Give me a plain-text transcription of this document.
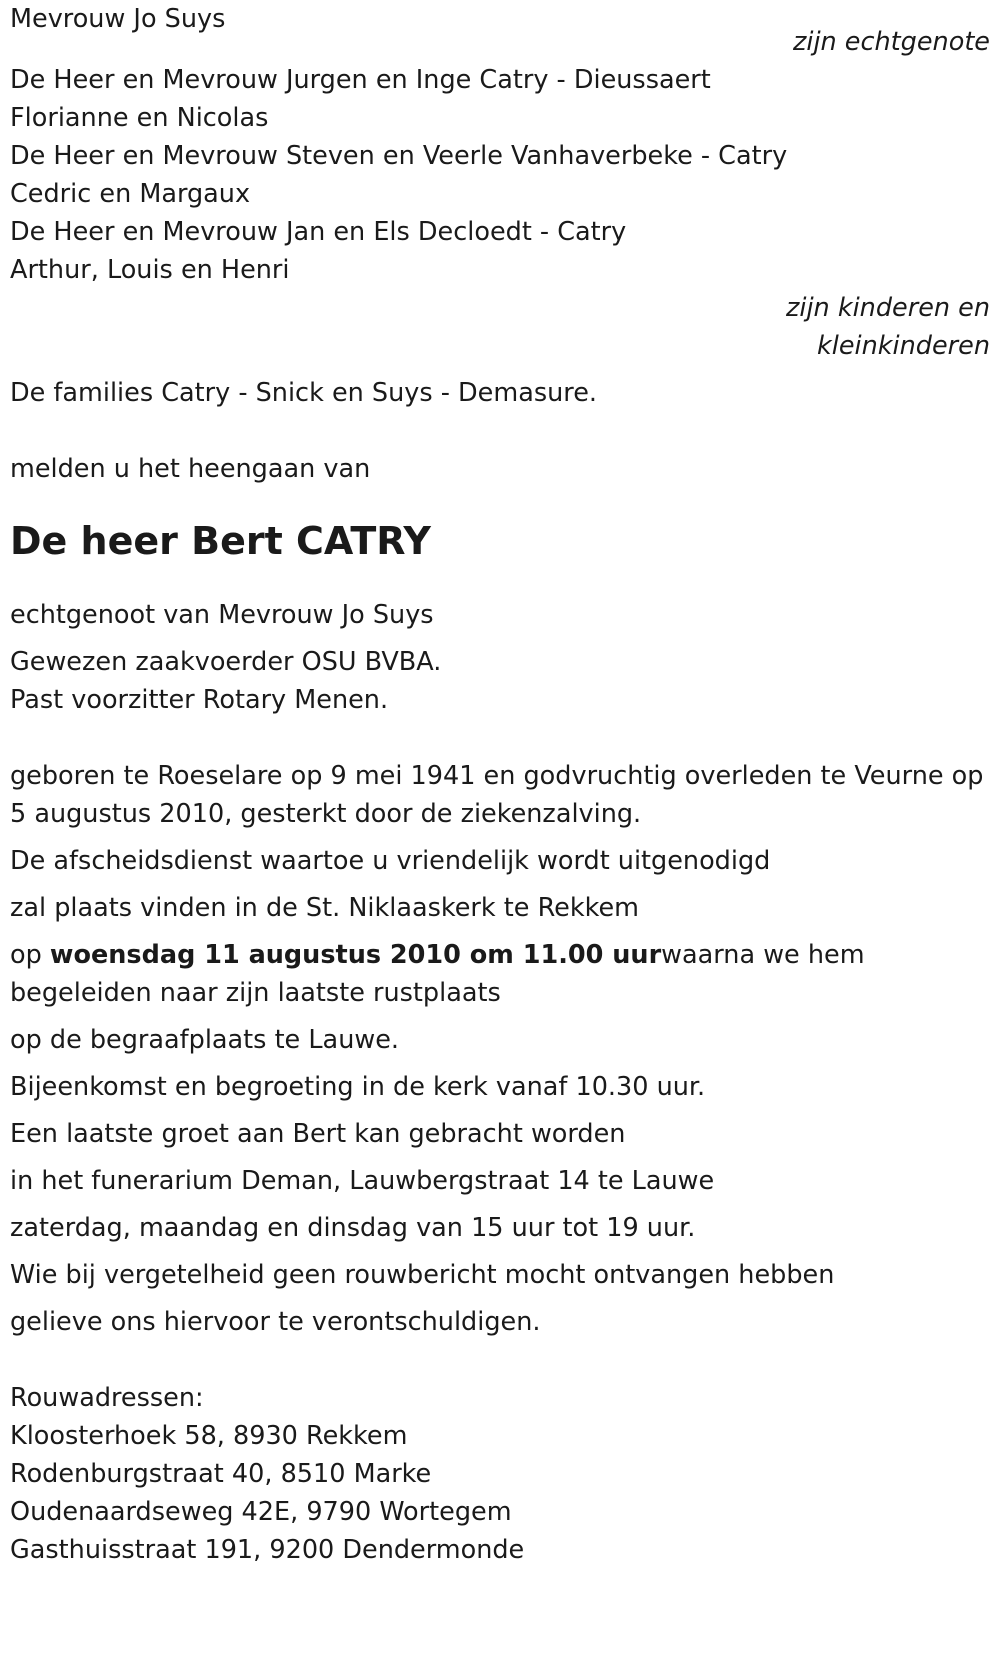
Mevrouw Jo Suys
zijn echtgenote
De Heer en Mevrouw Jurgen en Inge Catry - Dieussaert
Florianne en Nicolas
De Heer en Mevrouw Steven en Veerle Vanhaverbeke - Catry
Cedric en Margaux
De Heer en Mevrouw Jan en Els Decloedt - Catry
Arthur, Louis en Henri
zijn kinderen en
kleinkinderen
De families Catry - Snick en Suys - Demasure.
melden u het heengaan van
De heer Bert CATRY
echtgenoot van Mevrouw Jo Suys
Gewezen zaakvoerder OSU BVBA.
Past voorzitter Rotary Menen.
geboren te Roeselare op 9 mei 1941 en godvruchtig overleden te Veurne op 5 augustus 2010, gesterkt door de ziekenzalving.
De afscheidsdienst waartoe u vriendelijk wordt uitgenodigd
zal plaats vinden in de St. Niklaaskerk te Rekkem
op woensdag 11 augustus 2010 om 11.00 uurwaarna we hem begeleiden naar zijn laatste rustplaats
op de begraafplaats te Lauwe.
Bijeenkomst en begroeting in de kerk vanaf 10.30 uur.
Een laatste groet aan Bert kan gebracht worden
in het funerarium Deman, Lauwbergstraat 14 te Lauwe
zaterdag, maandag en dinsdag van 15 uur tot 19 uur.
Wie bij vergetelheid geen rouwbericht mocht ontvangen hebben
gelieve ons hiervoor te verontschuldigen.
Rouwadressen:
Kloosterhoek 58, 8930 Rekkem
Rodenburgstraat 40, 8510 Marke
Oudenaardseweg 42E, 9790 Wortegem
Gasthuisstraat 191, 9200 Dendermonde
